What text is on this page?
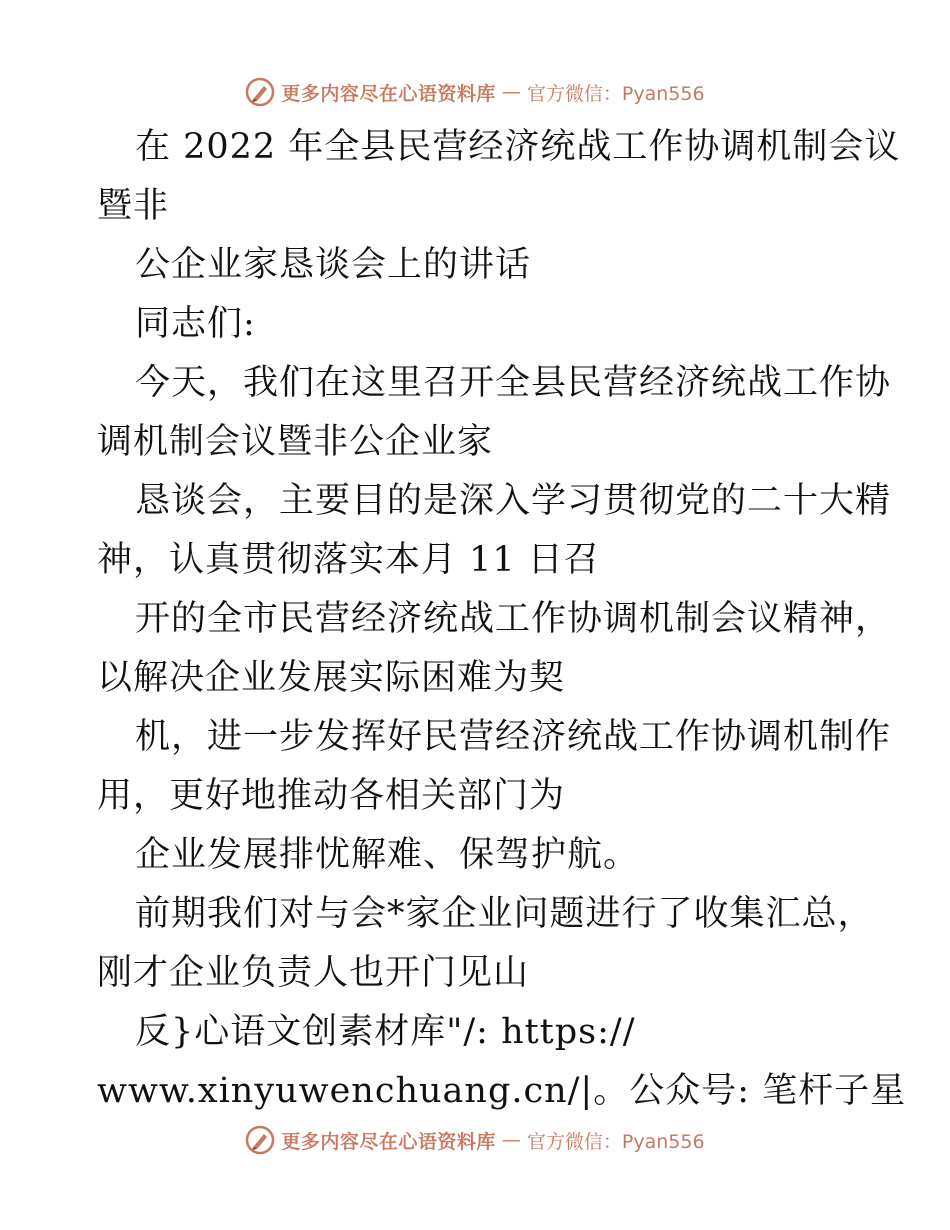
更多内容尽在心语资料库 — 官方微信：Pyan556
在 2022 年全县民营经济统战工作协调机制会议
暨非
公企业家恳谈会上的讲话
同志们:
今天，我们在这里召开全县民营经济统战工作协
调机制会议暨非公企业家
恳谈会，主要目的是深入学习贯彻党的二十大精
神，认真贯彻落实本月 11 日召
开的全市民营经济统战工作协调机制会议精神，
以解决企业发展实际困难为契
机，进一步发挥好民营经济统战工作协调机制作
用，更好地推动各相关部门为
企业发展排忧解难、保驾护航。
前期我们对与会*家企业问题进行了收集汇总，
刚才企业负责人也开门见山
反}心语文创素材库"/: https://
www.xinyuwenchuang.cn/|。公众号: 笔杆子星
更多内容尽在心语资料库 — 官方微信：Pyan556
